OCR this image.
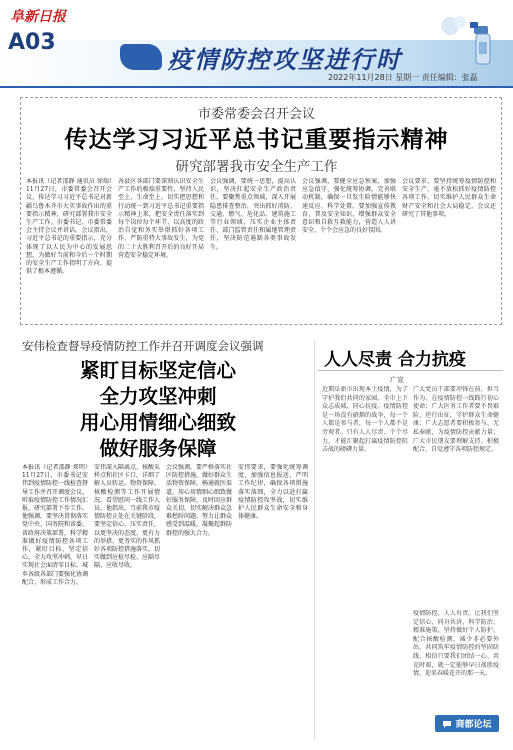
阜新日报
A03
疫情防控攻坚进行时
2022年11月28日 星期一 责任编辑：张磊
市委常委会召开会议
传达学习习近平总书记重要指示精神
研究部署我市安全生产工作
本报讯（记者邵静 通讯员 徐瑞）11月27日，市委常委会召开会议，传达学习习近平总书记对新疆乌鲁木齐市火灾事故作出的重要指示精神，研究部署我市安全生产工作。市委书记、市委常委会主持会议并讲话。会议指出，习近平总书记的重要指示，充分体现了以人民为中心的发展思想，为做好当前和今后一个时期的安全生产工作指明了方向、提供了根本遵循。
各县区各部门要深刻认识安全生产工作的极端重要性，坚持人民至上、生命至上，切实把思想和行动统一到习近平总书记重要指示精神上来，把安全责任落实到每个岗位每个环节，以高度的政治自觉和务实举措抓好各项工作，严防重特大事故发生，为党的二十大胜利召开后的良好开局营造安全稳定环境。
会议强调，要统一思想，提高认识，坚决扛起安全生产政治责任。要聚焦重点领域，深入开展隐患排查整治，突出抓好消防、交通、燃气、危化品、建筑施工等行业领域，压实企业主体责任、部门监管责任和属地管理责任，坚决防范遏制各类事故发生。
会议强调，要健全应急预案，加强应急值守，强化统筹协调，完善联动机制，确保一旦发生险情能够快速反应、科学处置。要加强宣传教育，普及安全知识，增强群众安全意识和自救互救能力，营造人人讲安全、个个会应急的良好氛围。
会议要求，要坚持统筹疫情防控和安全生产，毫不放松抓好疫情防控各项工作，切实维护人民群众生命财产安全和社会大局稳定。会议还研究了其他事项。
安伟检查督导疫情防控工作并召开调度会议强调
紧盯目标坚定信心
全力攻坚冲刺
用心用情细心细致
做好服务保障
本报讯（记者邵静 郑明）11月27日，市委书记安伟到疫情防控一线检查督导工作并召开调度会议，听取疫情防控工作情况汇报，研究部署下步工作。他强调，要坚决贯彻落实党中央、国务院和省委、省政府决策部署，科学精准做好疫情防控各项工作，紧盯目标、坚定信心，全力攻坚冲刺，早日实现社会面清零目标。城乡各级各部门要强化协调配合，形成工作合力。
安伟深入隔离点、核酸采样点和社区卡口，详细了解人员转运、物资保障、核酸检测等工作开展情况，看望慰问一线工作人员。他指出，当前我市疫情防控正处在关键阶段，要坚定信心、压实责任，以更坚决的态度、更有力的举措、更务实的作风抓好各项防控措施落实，切实做到应检尽检、应隔尽隔、应收尽收。
会议强调，要严格落实社区防控措施，做好群众生活物资保障，畅通就医渠道，用心用情细心细致做好服务保障，及时回应群众关切，切实解决群众急难愁盼问题，努力让群众感受到温暖，凝聚起群防群控的强大合力。
安伟要求，要强化统筹调度，加强信息报送，严明工作纪律，确保各项措施落实落细，全力以赴打赢疫情防控攻坚战，切实维护人民群众生命安全和身体健康。
人人尽责 合力抗疫
广宣
近期阜新市出现本土疫情，为了守护我们共同的家园，全市上下众志成城、同心抗疫。疫情防控是一场没有硝烟的战争，每一个人都是参与者，每一个人都不是旁观者。只有人人尽责、个个尽力，才能汇聚起打赢疫情防控阻击战的磅礴力量。
广大党员干部要冲锋在前、担当作为，在疫情防控一线践行初心使命；广大医务工作者要不畏艰险、逆行出征，守护群众生命健康；广大志愿者要积极参与、无私奉献，为疫情防控贡献力量；广大市民朋友要理解支持、积极配合，自觉遵守各项防控规定。
疫情防控，人人有责。让我们坚定信心、同舟共济，科学防治、精准施策，坚持做好个人防护，配合核酸检测，减少非必要外出，共同筑牢疫情防控的坚固防线。相信只要我们团结一心、共克时艰，就一定能够早日战胜疫情，迎来春暖花开的那一天。
商都论坛
